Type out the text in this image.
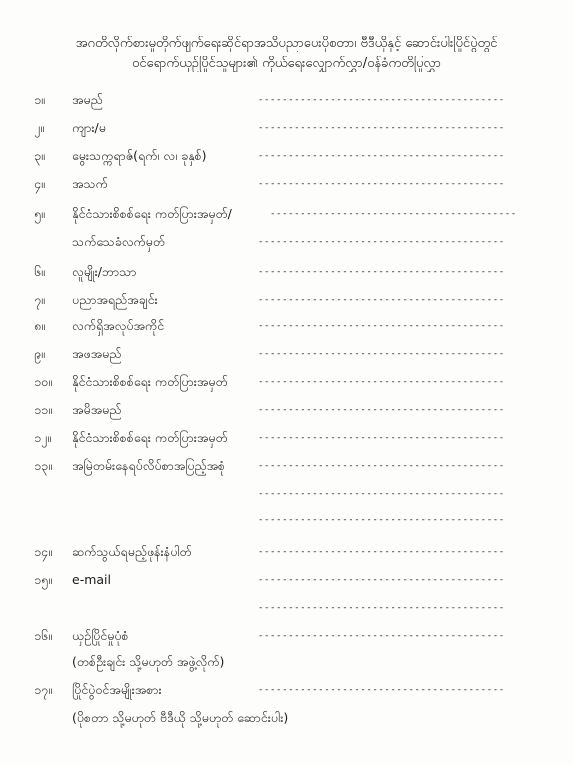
အဂတိလိုက်စားမှုတိုက်ဖျက်ရေးဆိုင်ရာအသိပညာပေးပိုစတာ၊ ဗီဒီယိုနှင့် ဆောင်းပါးပြိုင်ပွဲတွင်
ဝင်ရောက်ယှဉ်ပြိုင်သူများ၏ ကိုယ်ရေးလျှောက်လွှာ/ဝန်ခံကတိပြုလွှာ
၁။ အမည်	-----------------------------------------
၂။ ကျား/မ	-----------------------------------------
၃။ မွေးသက္ကရာဇ်(ရက်၊ လ၊ ခုနှစ်)	-----------------------------------------
၄။ အသက်	-----------------------------------------
၅။ နိုင်ငံသားစိစစ်ရေး ကတ်ပြားအမှတ်/	-----------------------------------------
သက်သေခံလက်မှတ်	-----------------------------------------
၆။ လူမျိုး/ဘာသာ	-----------------------------------------
၇။ ပညာအရည်အချင်း	-----------------------------------------
၈။ လက်ရှိအလုပ်အကိုင်	-----------------------------------------
၉။ အဖအမည်	-----------------------------------------
၁၀။ နိုင်ငံသားစိစစ်ရေး ကတ်ပြားအမှတ်	-----------------------------------------
၁၁။ အမိအမည်	-----------------------------------------
၁၂။ နိုင်ငံသားစိစစ်ရေး ကတ်ပြားအမှတ်	-----------------------------------------
၁၃။ အမြဲတမ်းနေရပ်လိပ်စာအပြည့်အစုံ	-----------------------------------------
-----------------------------------------
-----------------------------------------
၁၄။ ဆက်သွယ်ရမည့်ဖုန်းနံပါတ်	-----------------------------------------
၁၅။ e-mail	-----------------------------------------
-----------------------------------------
၁၆။ ယှဉ်ပြိုင်မှုပုံစံ	-----------------------------------------
(တစ်ဦးချင်း သို့မဟုတ် အဖွဲ့လိုက်)
၁၇။ ပြိုင်ပွဲဝင်အမျိုးအစား	-----------------------------------------
(ပိုစတာ သို့မဟုတ် ဗီဒီယို သို့မဟုတ် ဆောင်းပါး)
